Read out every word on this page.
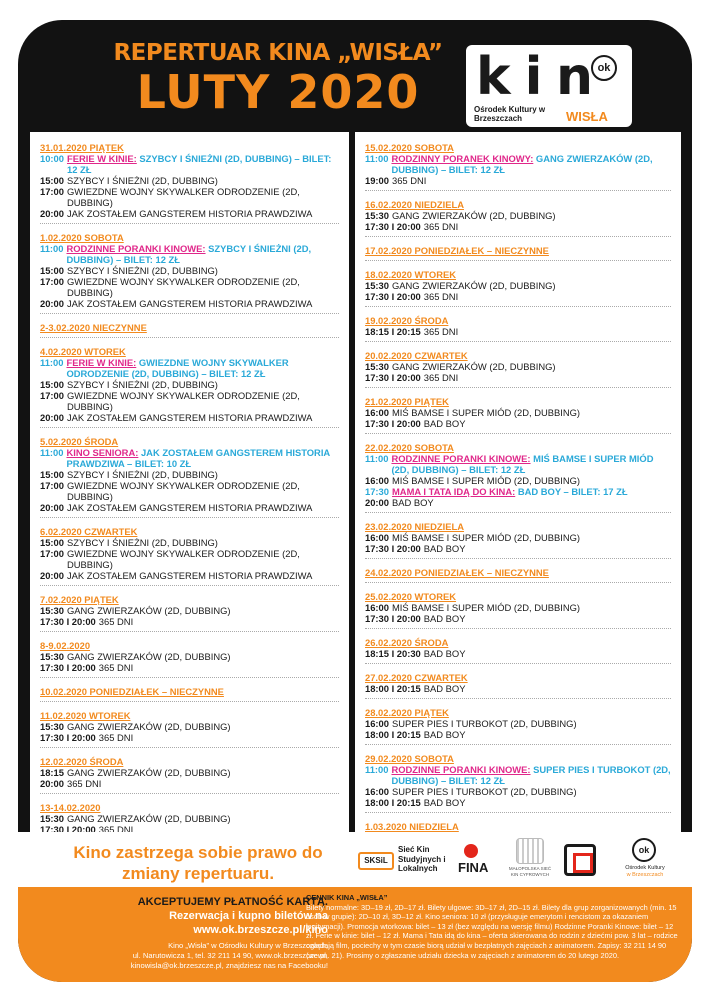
REPERTUAR KINA „WISŁA”
LUTY 2020	k i n ok
Ośrodek Kultury w Brzeszczach	WISŁA
31.01.2020 PIĄTEK
10:00 FERIE W KINIE: SZYBCY I ŚNIEŻNI (2D, DUBBING) – BILET: 12 ZŁ
15:00 SZYBCY I ŚNIEŻNI (2D, DUBBING)
17:00 GWIEZDNE WOJNY SKYWALKER ODRODZENIE (2D, DUBBING)
20:00 JAK ZOSTAŁEM GANGSTEREM HISTORIA PRAWDZIWA
1.02.2020 SOBOTA
11:00 RODZINNE PORANKI KINOWE: SZYBCY I ŚNIEŻNI (2D, DUBBING) – BILET: 12 ZŁ
15:00 SZYBCY I ŚNIEŻNI (2D, DUBBING)
17:00 GWIEZDNE WOJNY SKYWALKER ODRODZENIE (2D, DUBBING)
20:00 JAK ZOSTAŁEM GANGSTEREM HISTORIA PRAWDZIWA
2-3.02.2020 NIECZYNNE
4.02.2020 WTOREK
11:00 FERIE W KINIE: GWIEZDNE WOJNY SKYWALKER ODRODZENIE (2D, DUBBING) – BILET: 12 ZŁ
15:00 SZYBCY I ŚNIEŻNI (2D, DUBBING)
17:00 GWIEZDNE WOJNY SKYWALKER ODRODZENIE (2D, DUBBING)
20:00 JAK ZOSTAŁEM GANGSTEREM HISTORIA PRAWDZIWA
5.02.2020 ŚRODA
11:00 KINO SENIORA: JAK ZOSTAŁEM GANGSTEREM HISTORIA PRAWDZIWA – BILET: 10 ZŁ
15:00 SZYBCY I ŚNIEŻNI (2D, DUBBING)
17:00 GWIEZDNE WOJNY SKYWALKER ODRODZENIE (2D, DUBBING)
20:00 JAK ZOSTAŁEM GANGSTEREM HISTORIA PRAWDZIWA
6.02.2020 CZWARTEK
15:00 SZYBCY I ŚNIEŻNI (2D, DUBBING)
17:00 GWIEZDNE WOJNY SKYWALKER ODRODZENIE (2D, DUBBING)
20:00 JAK ZOSTAŁEM GANGSTEREM HISTORIA PRAWDZIWA
7.02.2020 PIĄTEK
15:30 GANG ZWIERZAKÓW (2D, DUBBING)
17:30 I 20:00 365 DNI
8-9.02.2020
15:30 GANG ZWIERZAKÓW (2D, DUBBING)
17:30 I 20:00 365 DNI
10.02.2020 PONIEDZIAŁEK – NIECZYNNE
11.02.2020 WTOREK
15:30 GANG ZWIERZAKÓW (2D, DUBBING)
17:30 I 20:00 365 DNI
12.02.2020 ŚRODA
18:15 GANG ZWIERZAKÓW (2D, DUBBING)
20:00 365 DNI
13-14.02.2020
15:30 GANG ZWIERZAKÓW (2D, DUBBING)
17:30 I 20:00 365 DNI
15.02.2020 SOBOTA
11:00 RODZINNY PORANEK KINOWY: GANG ZWIERZAKÓW (2D, DUBBING) – BILET: 12 ZŁ
19:00 365 DNI
16.02.2020 NIEDZIELA
15:30 GANG ZWIERZAKÓW (2D, DUBBING)
17:30 I 20:00 365 DNI
17.02.2020 PONIEDZIAŁEK – NIECZYNNE
18.02.2020 WTOREK
15:30 GANG ZWIERZAKÓW (2D, DUBBING)
17:30 I 20:00 365 DNI
19.02.2020 ŚRODA
18:15 I 20:15 365 DNI
20.02.2020 CZWARTEK
15:30 GANG ZWIERZAKÓW (2D, DUBBING)
17:30 I 20:00 365 DNI
21.02.2020 PIĄTEK
16:00 MIŚ BAMSE I SUPER MIÓD (2D, DUBBING)
17:30 I 20:00 BAD BOY
22.02.2020 SOBOTA
11:00 RODZINNE PORANKI KINOWE: MIŚ BAMSE I SUPER MIÓD (2D, DUBBING) – BILET: 12 ZŁ
16:00 MIŚ BAMSE I SUPER MIÓD (2D, DUBBING)
17:30 MAMA I TATA IDĄ DO KINA: BAD BOY – BILET: 17 ZŁ
20:00 BAD BOY
23.02.2020 NIEDZIELA
16:00 MIŚ BAMSE I SUPER MIÓD (2D, DUBBING)
17:30 I 20:00 BAD BOY
24.02.2020 PONIEDZIAŁEK – NIECZYNNE
25.02.2020 WTOREK
16:00 MIŚ BAMSE I SUPER MIÓD (2D, DUBBING)
17:30 I 20:00 BAD BOY
26.02.2020 ŚRODA
18:15 I 20:30 BAD BOY
27.02.2020 CZWARTEK
18:00 I 20:15 BAD BOY
28.02.2020 PIĄTEK
16:00 SUPER PIES I TURBOKOT (2D, DUBBING)
18:00 I 20:15 BAD BOY
29.02.2020 SOBOTA
11:00 RODZINNE PORANKI KINOWE: SUPER PIES I TURBOKOT (2D, DUBBING) – BILET: 12 ZŁ
16:00 SUPER PIES I TURBOKOT (2D, DUBBING)
18:00 I 20:15 BAD BOY
1.03.2020 NIEDZIELA
Kino zastrzega sobie prawo do zmiany repertuaru.
SKSiL
Sieć Kin Studyjnych i Lokalnych	FINA	MAŁOPOLSKA SIEĆ KIN CYFROWYCH
ok
Ośrodek Kultury
w Brzeszczach
AKCEPTUJEMY PŁATNOŚĆ KARTĄ.
Rezerwacja i kupno biletów na
www.ok.brzeszcze.pl/kino
Kino „Wisła” w Ośrodku Kultury w Brzeszczach,
ul. Narutowicza 1, tel. 32 211 14 90, www.ok.brzeszcze.pl,
kinowisla@ok.brzeszcze.pl, znajdziesz nas na Facebooku!
CENNIK KINA „WISŁA”
Bilety normalne: 3D–19 zł, 2D–17 zł. Bilety ulgowe: 3D–17 zł, 2D–15 zł. Bilety dla grup zorganizowanych (min. 15 osób w grupie): 2D–10 zł, 3D–12 zł. Kino seniora: 10 zł (przysługuje emerytom i rencistom za okazaniem legitymacji). Promocja wtorkowa: bilet – 13 zł (bez względu na wersję filmu) Rodzinne Poranki Kinowe: bilet – 12 zł. Ferie w kinie: bilet – 12 zł. Mama i Tata idą do kina – oferta skierowana do rodzin z dziećmi pow. 3 lat – rodzice oglądają film, pociechy w tym czasie biorą udział w bezpłatnych zajęciach z animatorem. Zapisy: 32 211 14 90 (wewn. 21). Prosimy o zgłaszanie udziału dziecka w zajęciach z animatorem do 20 lutego 2020.
